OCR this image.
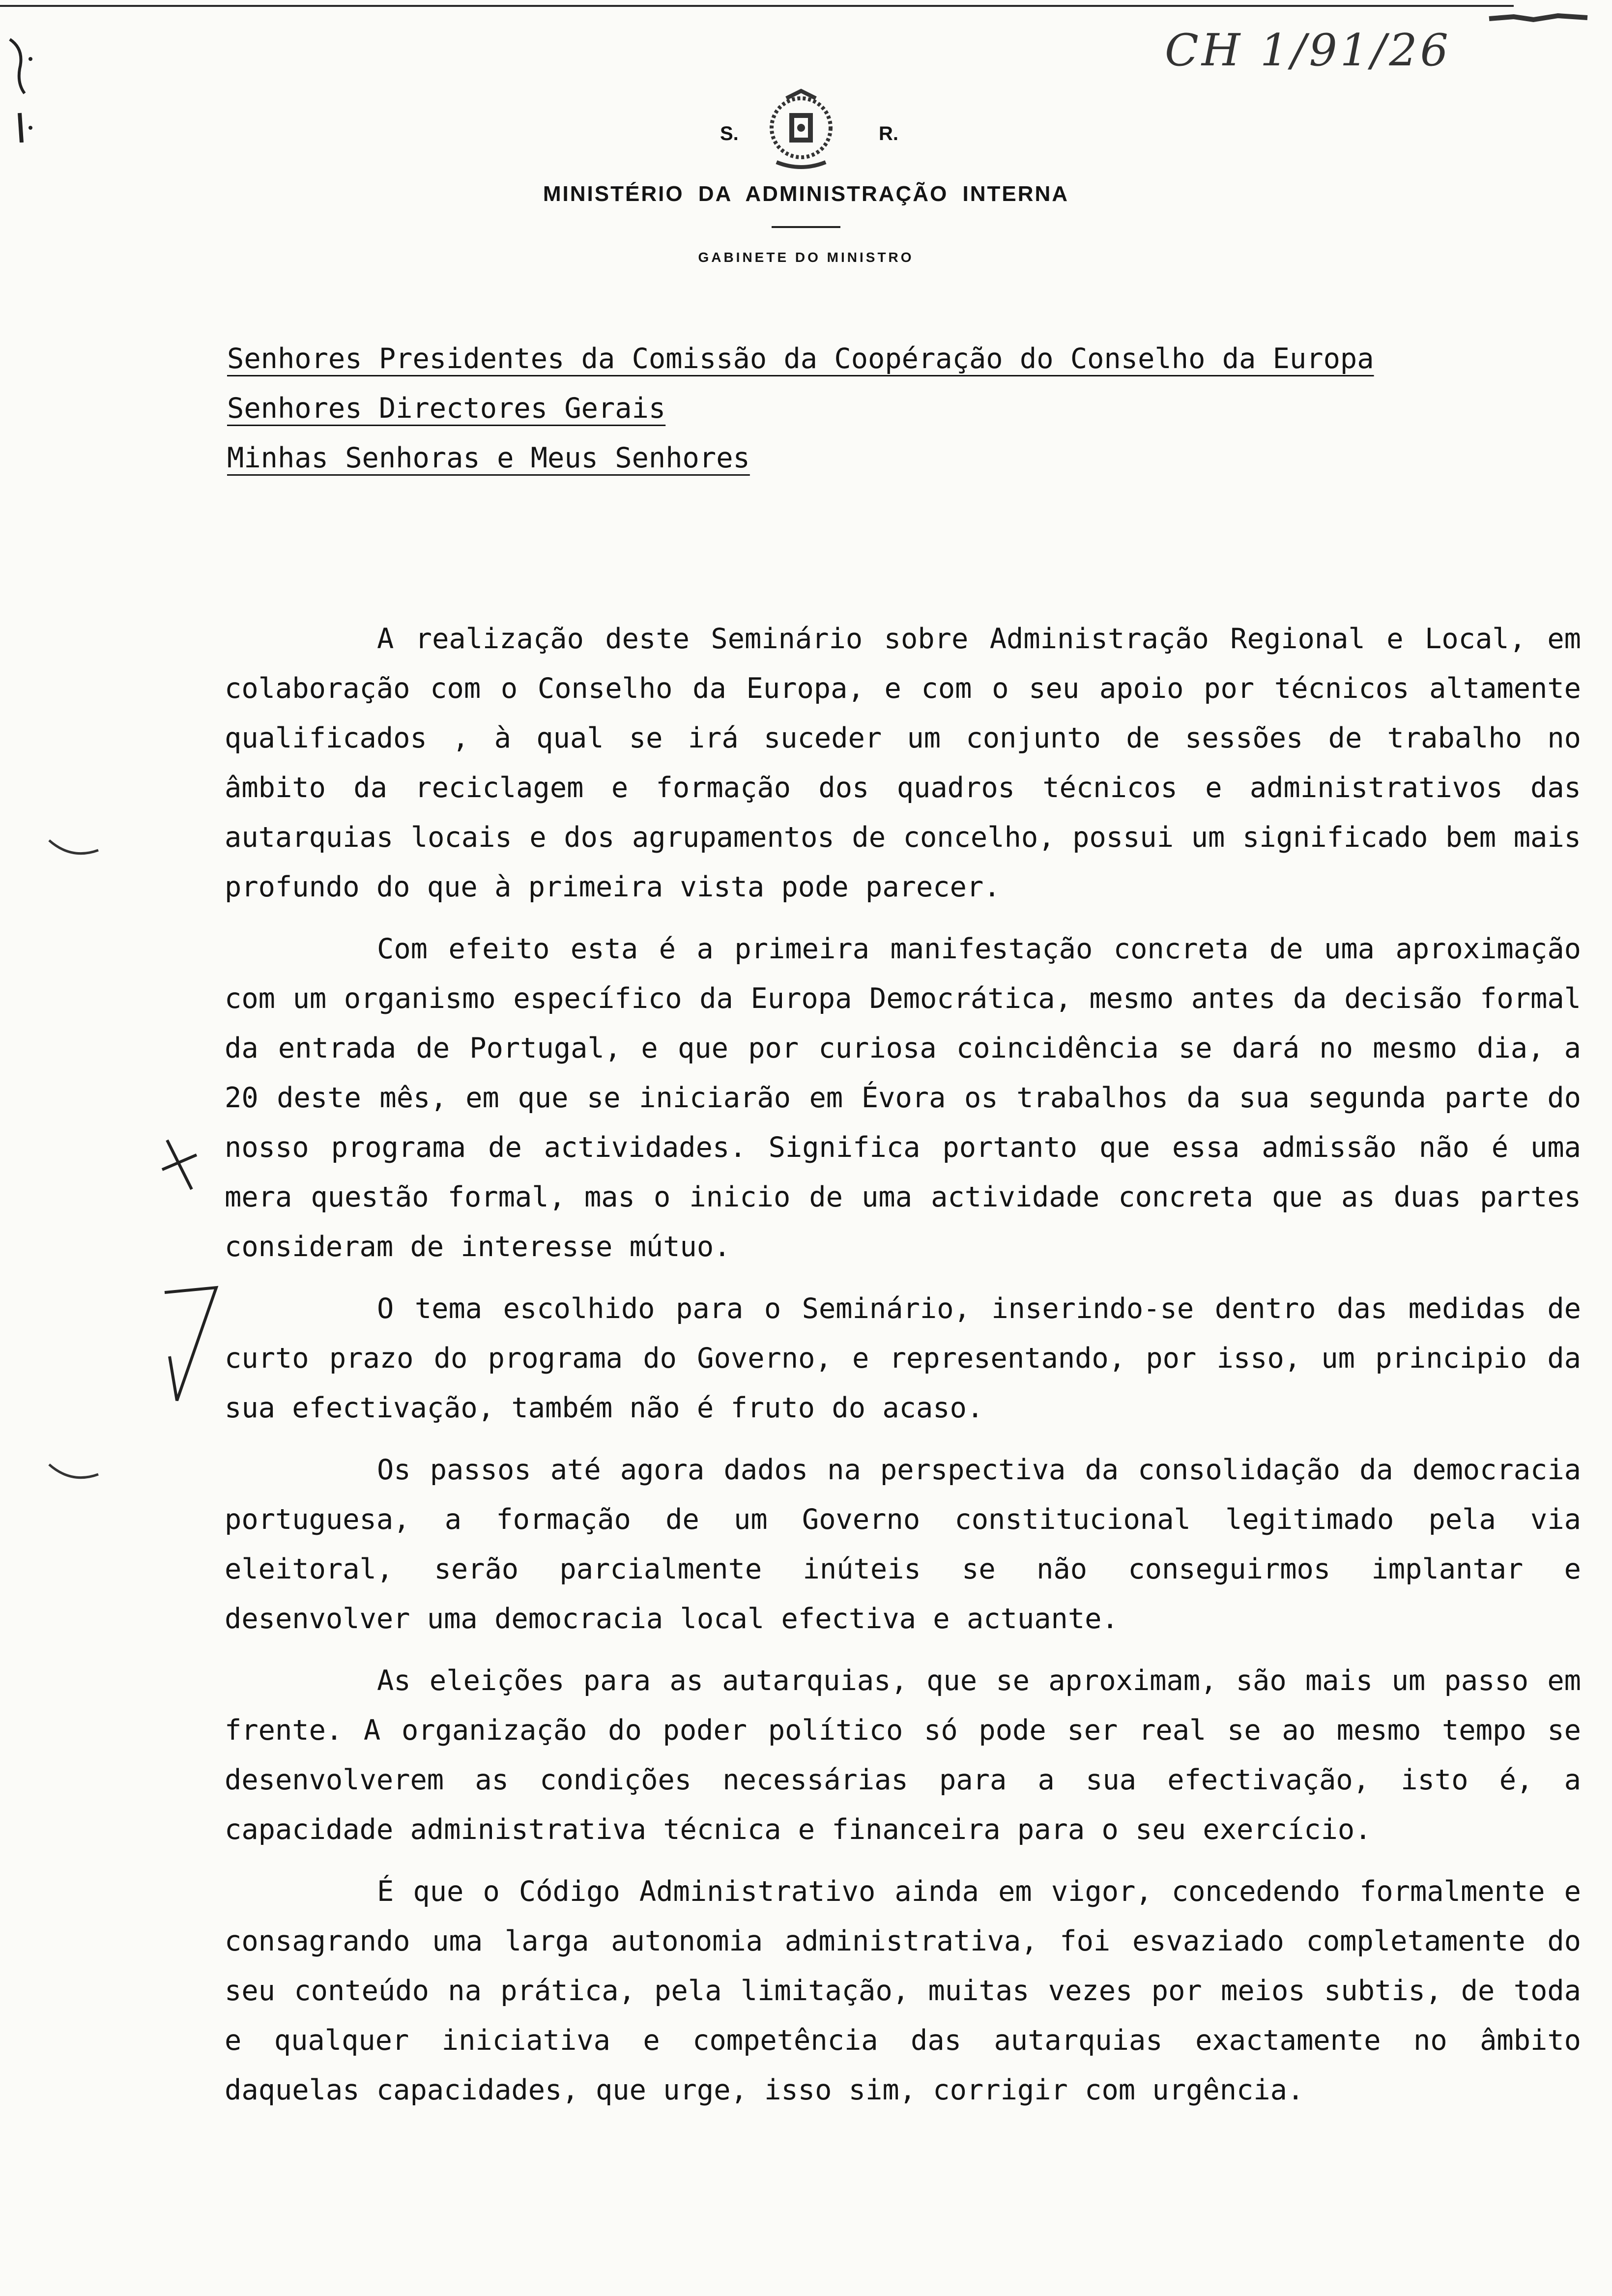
CH 1/91/26
S.	R.
MINISTÉRIO DA ADMINISTRAÇÃO INTERNA
GABINETE DO MINISTRO
Senhores Presidentes da Comissão da Coopéração do Conselho da Europa
Senhores Directores Gerais
Minhas Senhoras e Meus Senhores

A realização deste Seminário sobre Administração Regional e Local, em colaboração com o Conselho da Europa, e com o seu apoio por técnicos altamente qualificados , à qual se irá suceder um conjunto de sessões de trabalho no âmbito da reciclagem e formação dos quadros técnicos e administrativos das autarquias locais e dos agrupamentos de concelho, possui um significado bem mais profundo do que à primeira vista pode parecer.

Com efeito esta é a primeira manifestação concreta de uma aproximação com um organismo específico da Europa Democrática, mesmo antes da decisão formal da entrada de Portugal, e que por curiosa coincidência se dará no mesmo dia, a 20 deste mês, em que se iniciarão em Évora os trabalhos da sua segunda parte do nosso programa de actividades. Significa portanto que essa admissão não é uma mera questão formal, mas o inicio de uma actividade concreta que as duas partes consideram de interesse mútuo.

O tema escolhido para o Seminário, inserindo-se dentro das medidas de curto prazo do programa do Governo, e representando, por isso, um principio da sua efectivação, também não é fruto do acaso.

Os passos até agora dados na perspectiva da consolidação da democracia portuguesa, a formação de um Governo constitucional legitimado pela via eleitoral, serão parcialmente inúteis se não conseguirmos implantar e desenvolver uma democracia local efectiva e actuante.

As eleições para as autarquias, que se aproximam, são mais um passo em frente. A organização do poder político só pode ser real se ao mesmo tempo se desenvolverem as condições necessárias para a sua efectivação, isto é, a capacidade administrativa técnica e financeira para o seu exercício.

É que o Código Administrativo ainda em vigor, concedendo formalmente e consagrando uma larga autonomia administrativa, foi esvaziado completamente do seu conteúdo na prática, pela limitação, muitas vezes por meios subtis, de toda e qualquer iniciativa e competência das autarquias exactamente no âmbito daquelas capacidades, que urge, isso sim, corrigir com urgência.
